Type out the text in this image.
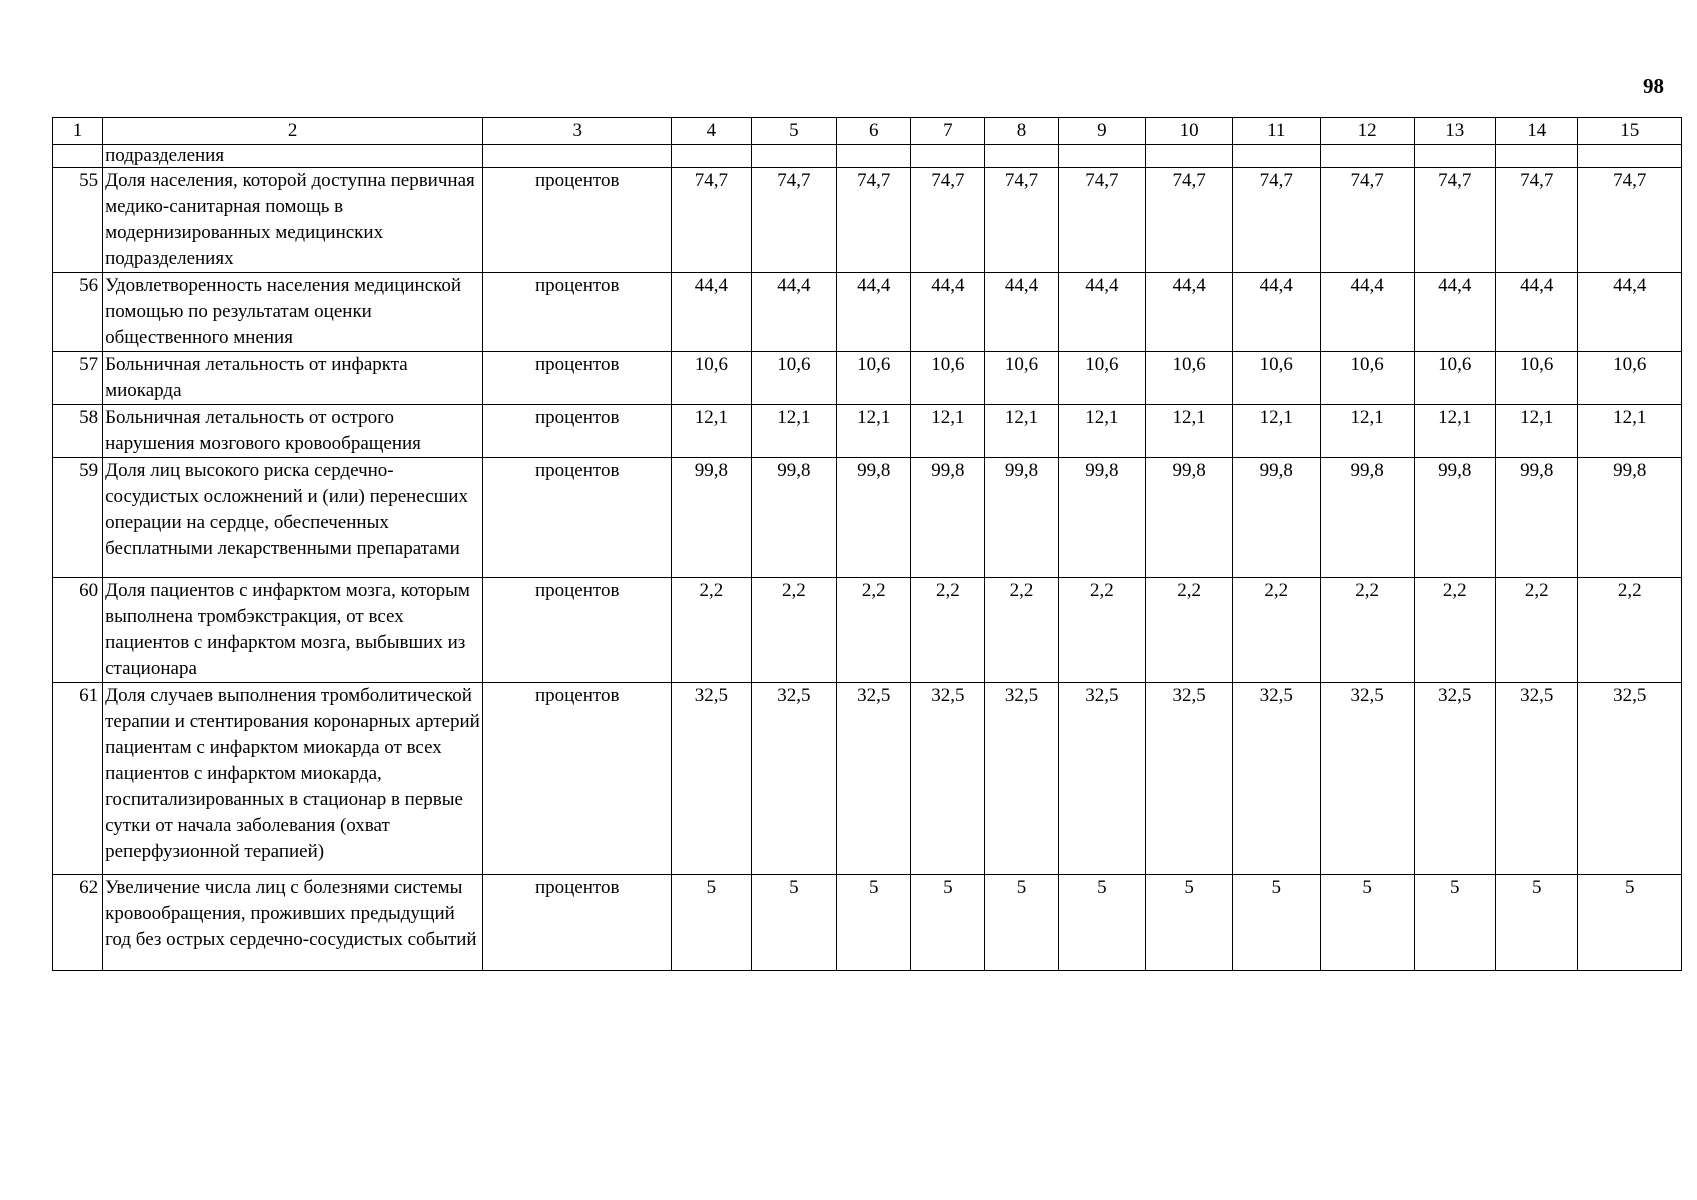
98
1	2	3	4	5	6	7	8	9	10	11	12	13	14	15
	подразделения													
55	Доля населения, которой доступна первичная медико-санитарная помощь в модернизированных медицинских подразделениях	процентов	74,7	74,7	74,7	74,7	74,7	74,7	74,7	74,7	74,7	74,7	74,7	74,7
56	Удовлетворенность населения медицинской помощью по результатам оценки общественного мнения	процентов	44,4	44,4	44,4	44,4	44,4	44,4	44,4	44,4	44,4	44,4	44,4	44,4
57	Больничная летальность от инфаркта миокарда	процентов	10,6	10,6	10,6	10,6	10,6	10,6	10,6	10,6	10,6	10,6	10,6	10,6
58	Больничная летальность от острого нарушения мозгового кровообращения	процентов	12,1	12,1	12,1	12,1	12,1	12,1	12,1	12,1	12,1	12,1	12,1	12,1
59	Доля лиц высокого риска сердечно-сосудистых осложнений и (или) перенесших операции на сердце, обеспеченных бесплатными лекарственными препаратами	процентов	99,8	99,8	99,8	99,8	99,8	99,8	99,8	99,8	99,8	99,8	99,8	99,8
60	Доля пациентов с инфарктом мозга, которым выполнена тромбэкстракция, от всех пациентов с инфарктом мозга, выбывших из стационара	процентов	2,2	2,2	2,2	2,2	2,2	2,2	2,2	2,2	2,2	2,2	2,2	2,2
61	Доля случаев выполнения тромболитической терапии и стентирования коронарных артерий пациентам с инфарктом миокарда от всех пациентов с инфарктом миокарда, госпитализированных в стационар в первые сутки от начала заболевания (охват реперфузионной терапией)	процентов	32,5	32,5	32,5	32,5	32,5	32,5	32,5	32,5	32,5	32,5	32,5	32,5
62	Увеличение числа лиц с болезнями системы кровообращения, проживших предыдущий год без острых сердечно-сосудистых событий	процентов	5	5	5	5	5	5	5	5	5	5	5	5
